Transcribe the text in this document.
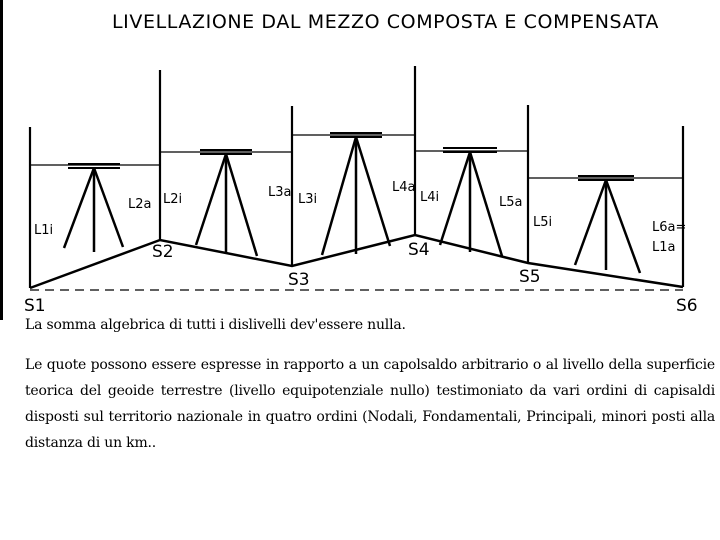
LIVELLAZIONE DAL MEZZO COMPOSTA E COMPENSATA
L1i
L2a L2i	L3a L3i
L4a
L4i	L5a
L5i	L6a=
L1a
S1
S2
S3
S4
S5
S6

La somma algebrica di tutti i dislivelli dev'essere nulla.

Le quote possono essere espresse in rapporto a un capolsaldo arbitrario o al livello della superficie teorica del geoide terrestre (livello equipotenziale nullo) testimoniato da vari ordini di capisaldi disposti sul territorio nazionale in quatro ordini (Nodali, Fondamentali, Principali, minori posti alla distanza di un km..
